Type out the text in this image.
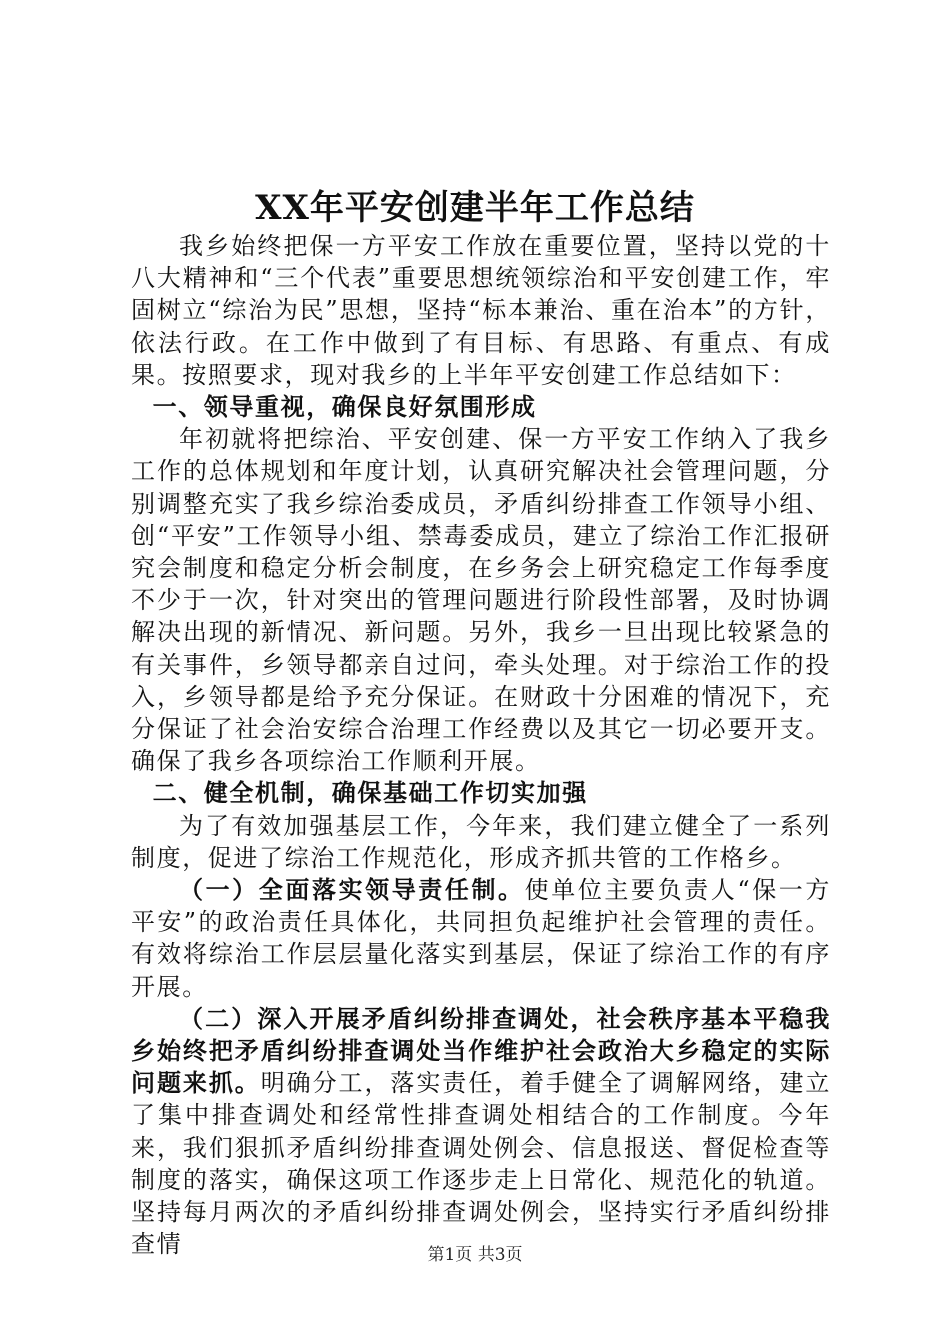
XX年平安创建半年工作总结

我乡始终把保一方平安工作放在重要位置，坚持以党的十八大精神和“三个代表”重要思想统领综治和平安创建工作，牢固树立“综治为民”思想，坚持“标本兼治、重在治本”的方针，依法行政。在工作中做到了有目标、有思路、有重点、有成果。按照要求，现对我乡的上半年平安创建工作总结如下：

一、领导重视，确保良好氛围形成

年初就将把综治、平安创建、保一方平安工作纳入了我乡工作的总体规划和年度计划，认真研究解决社会管理问题，分别调整充实了我乡综治委成员，矛盾纠纷排查工作领导小组、创“平安”工作领导小组、禁毒委成员，建立了综治工作汇报研究会制度和稳定分析会制度，在乡务会上研究稳定工作每季度不少于一次，针对突出的管理问题进行阶段性部署，及时协调解决出现的新情况、新问题。另外，我乡一旦出现比较紧急的有关事件，乡领导都亲自过问，牵头处理。对于综治工作的投入，乡领导都是给予充分保证。在财政十分困难的情况下，充分保证了社会治安综合治理工作经费以及其它一切必要开支。确保了我乡各项综治工作顺利开展。

二、健全机制，确保基础工作切实加强

为了有效加强基层工作，今年来，我们建立健全了一系列制度，促进了综治工作规范化，形成齐抓共管的工作格乡。

（一）全面落实领导责任制。使单位主要负责人“保一方平安”的政治责任具体化，共同担负起维护社会管理的责任。有效将综治工作层层量化落实到基层，保证了综治工作的有序开展。

（二）深入开展矛盾纠纷排查调处，社会秩序基本平稳我乡始终把矛盾纠纷排查调处当作维护社会政治大乡稳定的实际问题来抓。明确分工，落实责任，着手健全了调解网络，建立了集中排查调处和经常性排查调处相结合的工作制度。今年来，我们狠抓矛盾纠纷排查调处例会、信息报送、督促检查等制度的落实，确保这项工作逐步走上日常化、规范化的轨道。坚持每月两次的矛盾纠纷排查调处例会，坚持实行矛盾纠纷排查情	第1页 共3页
